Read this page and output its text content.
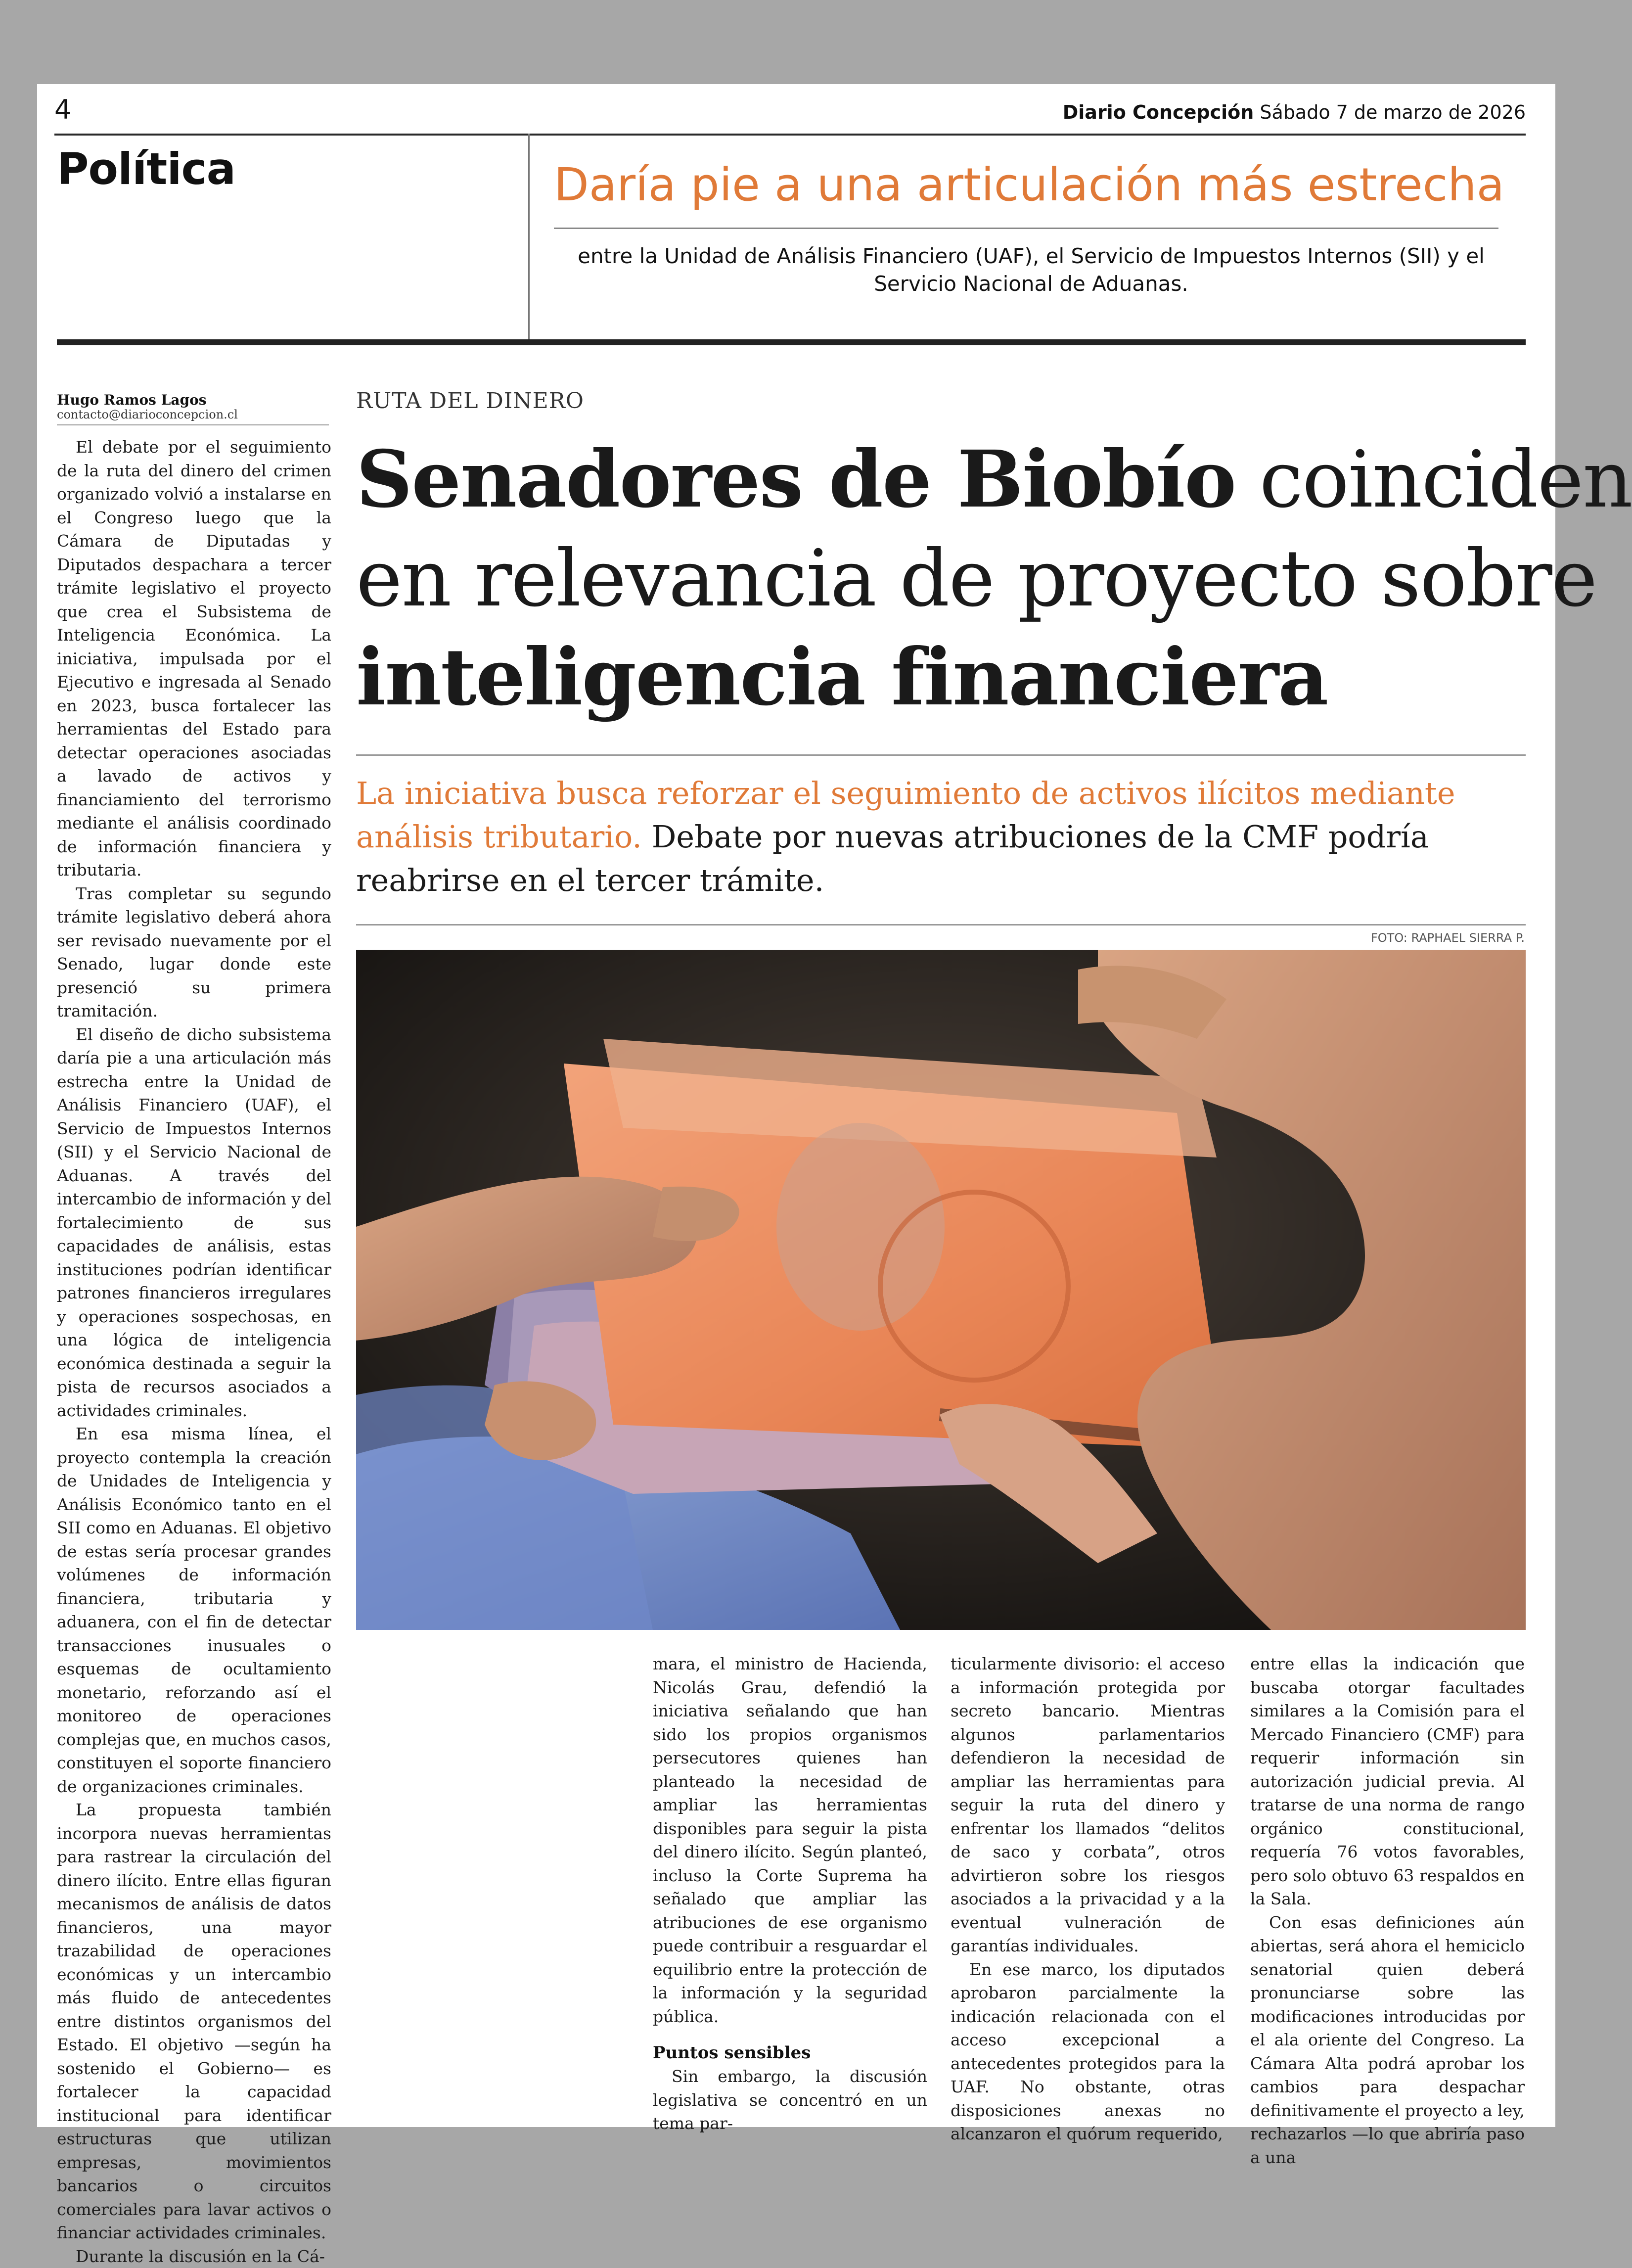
4	Diario Concepción Sábado 7 de marzo de 2026
Política	Daría pie a una articulación más estrecha
entre la Unidad de Análisis Financiero (UAF), el Servicio de Impuestos Internos (SII) y el Servicio Nacional de Aduanas.
Hugo Ramos Lagos
contacto@diarioconcepcion.cl

El debate por el seguimiento de la ruta del dinero del crimen organizado volvió a instalarse en el Congreso luego que la Cámara de Diputadas y Diputados despachara a tercer trámite legislativo el proyecto que crea el Subsistema de Inteligencia Económica. La iniciativa, impulsada por el Ejecutivo e ingresada al Senado en 2023, busca fortalecer las herramientas del Estado para detectar operaciones asociadas a lavado de activos y financiamiento del terrorismo mediante el análisis coordinado de información financiera y tributaria.

Tras completar su segundo trámite legislativo deberá ahora ser revisado nuevamente por el Senado, lugar donde este presenció su primera tramitación.

El diseño de dicho subsistema daría pie a una articulación más estrecha entre la Unidad de Análisis Financiero (UAF), el Servicio de Impuestos Internos (SII) y el Servicio Nacional de Aduanas. A través del intercambio de información y del fortalecimiento de sus capacidades de análisis, estas instituciones podrían identificar patrones financieros irregulares y operaciones sospechosas, en una lógica de inteligencia económica destinada a seguir la pista de recursos asociados a actividades criminales.

En esa misma línea, el proyecto contempla la creación de Unidades de Inteligencia y Análisis Económico tanto en el SII como en Aduanas. El objetivo de estas sería procesar grandes volúmenes de información financiera, tributaria y aduanera, con el fin de detectar transacciones inusuales o esquemas de ocultamiento monetario, reforzando así el monitoreo de operaciones complejas que, en muchos casos, constituyen el soporte financiero de organizaciones criminales.

La propuesta también incorpora nuevas herramientas para rastrear la circulación del dinero ilícito. Entre ellas figuran mecanismos de análisis de datos financieros, una mayor trazabilidad de operaciones económicas y un intercambio más fluido de antecedentes entre distintos organismos del Estado. El objetivo —según ha sostenido el Gobierno— es fortalecer la capacidad institucional para identificar estructuras que utilizan empresas, movimientos bancarios o circuitos comerciales para lavar activos o financiar actividades criminales.

Durante la discusión en la Cá-

RUTA DEL DINERO
Senadores de Biobío coinciden
en relevancia de proyecto sobre
inteligencia financiera
La iniciativa busca reforzar el seguimiento de activos ilícitos mediante análisis tributario. Debate por nuevas atribuciones de la CMF podría reabrirse en el tercer trámite.
FOTO: RAPHAEL SIERRA P.

mara, el ministro de Hacienda, Nicolás Grau, defendió la iniciativa señalando que han sido los propios organismos persecutores quienes han planteado la necesidad de ampliar las herramientas disponibles para seguir la pista del dinero ilícito. Según planteó, incluso la Corte Suprema ha señalado que ampliar las atribuciones de ese organismo puede contribuir a resguardar el equilibrio entre la protección de la información y la seguridad pública.

Puntos sensibles

Sin embargo, la discusión legislativa se concentró en un tema par-

ticularmente divisorio: el acceso a información protegida por secreto bancario. Mientras algunos parlamentarios defendieron la necesidad de ampliar las herramientas para seguir la ruta del dinero y enfrentar los llamados “delitos de saco y corbata”, otros advirtieron sobre los riesgos asociados a la privacidad y a la eventual vulneración de garantías individuales.

En ese marco, los diputados aprobaron parcialmente la indicación relacionada con el acceso excepcional a antecedentes protegidos para la UAF. No obstante, otras disposiciones anexas no alcanzaron el quórum requerido,

entre ellas la indicación que buscaba otorgar facultades similares a la Comisión para el Mercado Financiero (CMF) para requerir información sin autorización judicial previa. Al tratarse de una norma de rango orgánico constitucional, requería 76 votos favorables, pero solo obtuvo 63 respaldos en la Sala.

Con esas definiciones aún abiertas, será ahora el hemiciclo senatorial quien deberá pronunciarse sobre las modificaciones introducidas por el ala oriente del Congreso. La Cámara Alta podrá aprobar los cambios para despachar definitivamente el proyecto a ley, rechazarlos —lo que abriría paso a una
